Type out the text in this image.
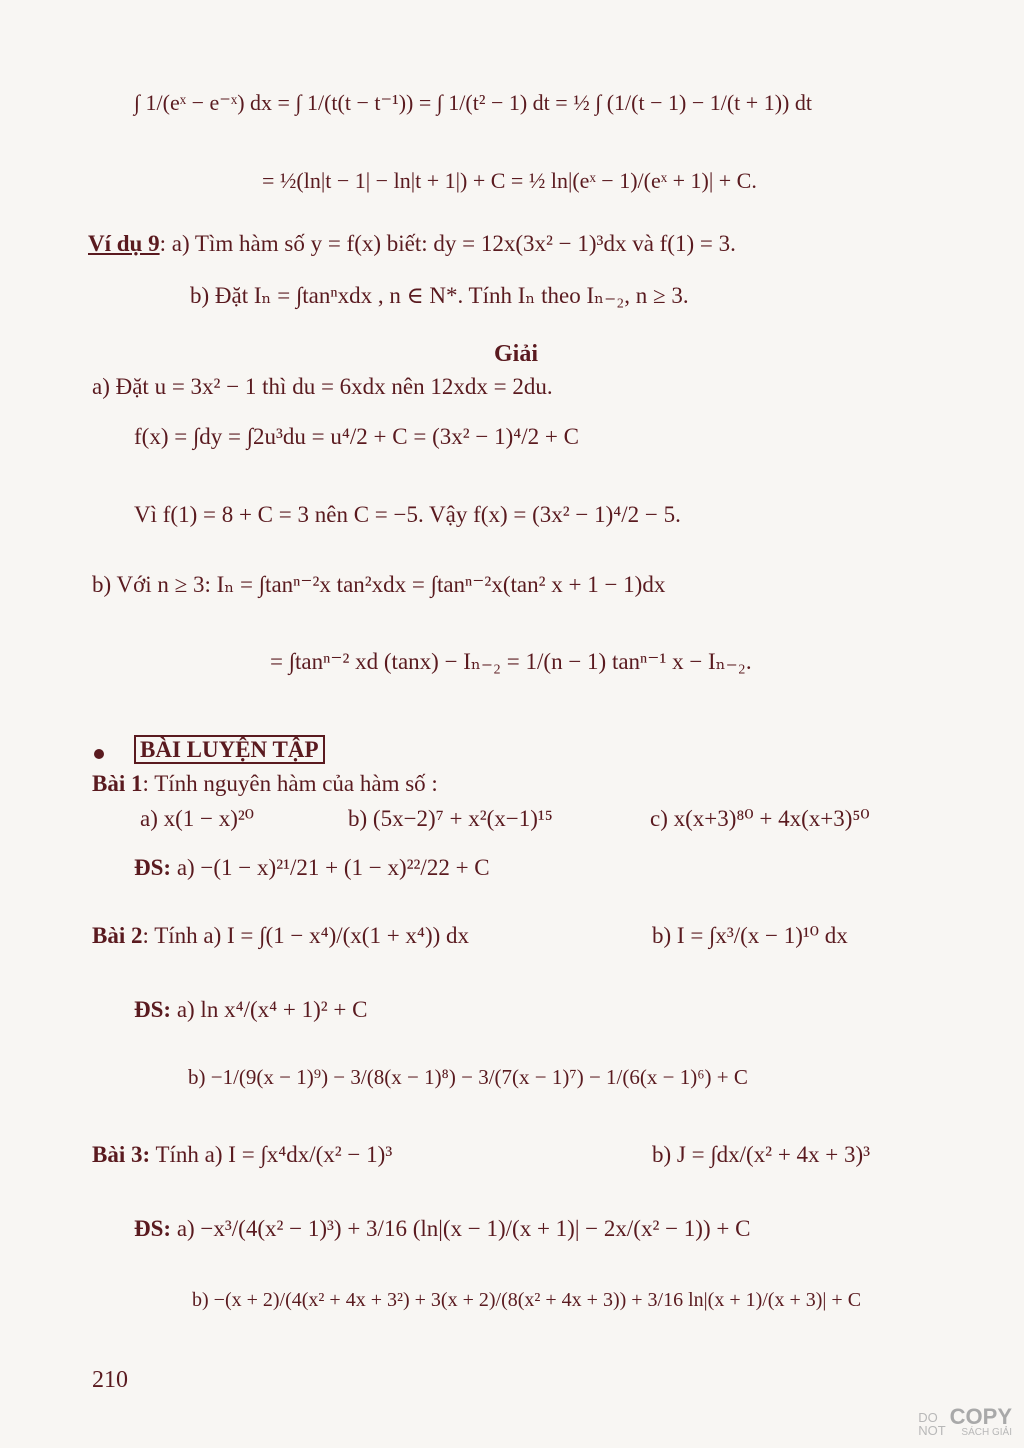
∫ 1/(eˣ − e⁻ˣ) dx = ∫ 1/(t(t − t⁻¹)) = ∫ 1/(t² − 1) dt = ½ ∫ (1/(t − 1) − 1/(t + 1)) dt
= ½(ln|t − 1| − ln|t + 1|) + C = ½ ln|(eˣ − 1)/(eˣ + 1)| + C.
Ví dụ 9: a) Tìm hàm số y = f(x) biết: dy = 12x(3x² − 1)³dx và f(1) = 3.
b) Đặt Iₙ = ∫tanⁿxdx , n ∈ N*. Tính Iₙ theo Iₙ₋₂, n ≥ 3.
Giải
a) Đặt u = 3x² − 1 thì du = 6xdx nên 12xdx = 2du.
f(x) = ∫dy = ∫2u³du = u⁴/2 + C = (3x² − 1)⁴/2 + C
Vì f(1) = 8 + C = 3 nên C = −5. Vậy f(x) = (3x² − 1)⁴/2 − 5.
b) Với n ≥ 3: Iₙ = ∫tanⁿ⁻²x tan²xdx = ∫tanⁿ⁻²x(tan² x + 1 − 1)dx
= ∫tanⁿ⁻² xd (tanx) − Iₙ₋₂ = 1/(n − 1) tanⁿ⁻¹ x − Iₙ₋₂.
BÀI LUYỆN TẬP
Bài 1: Tính nguyên hàm của hàm số :
a) x(1 − x)²⁰	b) (5x−2)⁷ + x²(x−1)¹⁵	c) x(x+3)⁸⁰ + 4x(x+3)⁵⁰
ĐS: a) −(1 − x)²¹/21 + (1 − x)²²/22 + C
Bài 2: Tính a) I = ∫(1 − x⁴)/(x(1 + x⁴)) dx	b) I = ∫x³/(x − 1)¹⁰ dx
ĐS: a) ln x⁴/(x⁴ + 1)² + C
b) −1/(9(x − 1)⁹) − 3/(8(x − 1)⁸) − 3/(7(x − 1)⁷) − 1/(6(x − 1)⁶) + C
Bài 3: Tính a) I = ∫x⁴dx/(x² − 1)³	b) J = ∫dx/(x² + 4x + 3)³
ĐS: a) −x³/(4(x² − 1)³) + 3/16 (ln|(x − 1)/(x + 1)| − 2x/(x² − 1)) + C
b) −(x + 2)/(4(x² + 4x + 3²) + 3(x + 2)/(8(x² + 4x + 3)) + 3/16 ln|(x + 1)/(x + 3)| + C
210
DO
NOT
COPY
SÁCH GIẢI
